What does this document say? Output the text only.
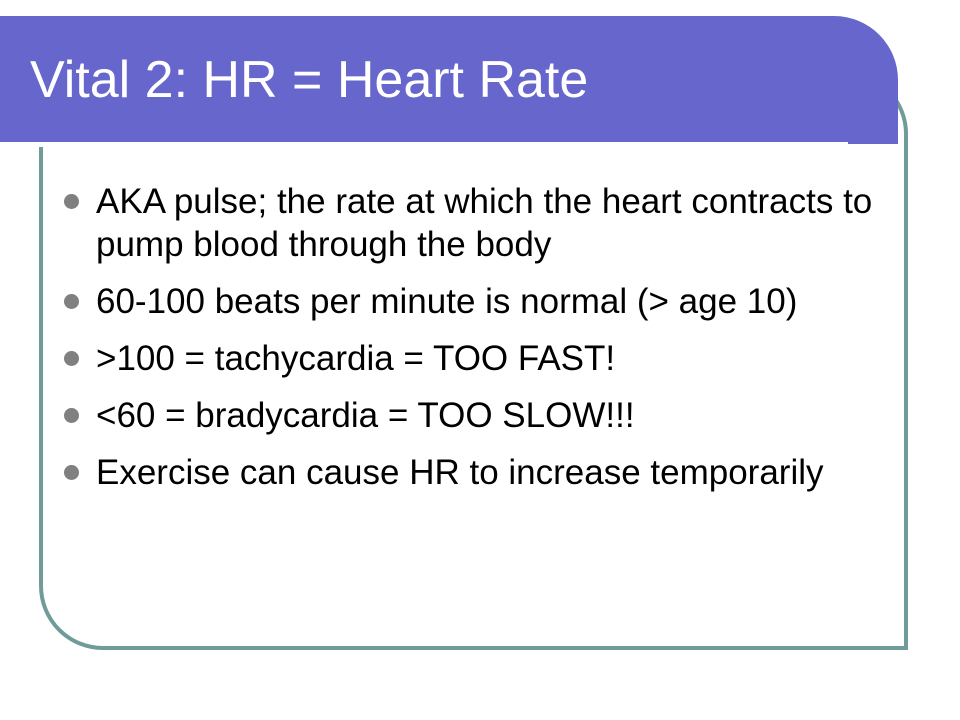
Vital 2: HR = Heart Rate
AKA pulse; the rate at which the heart contracts to pump blood through the body
60-100 beats per minute is normal (> age 10)
>100 = tachycardia = TOO FAST!
<60 = bradycardia = TOO SLOW!!!
Exercise can cause HR to increase temporarily
